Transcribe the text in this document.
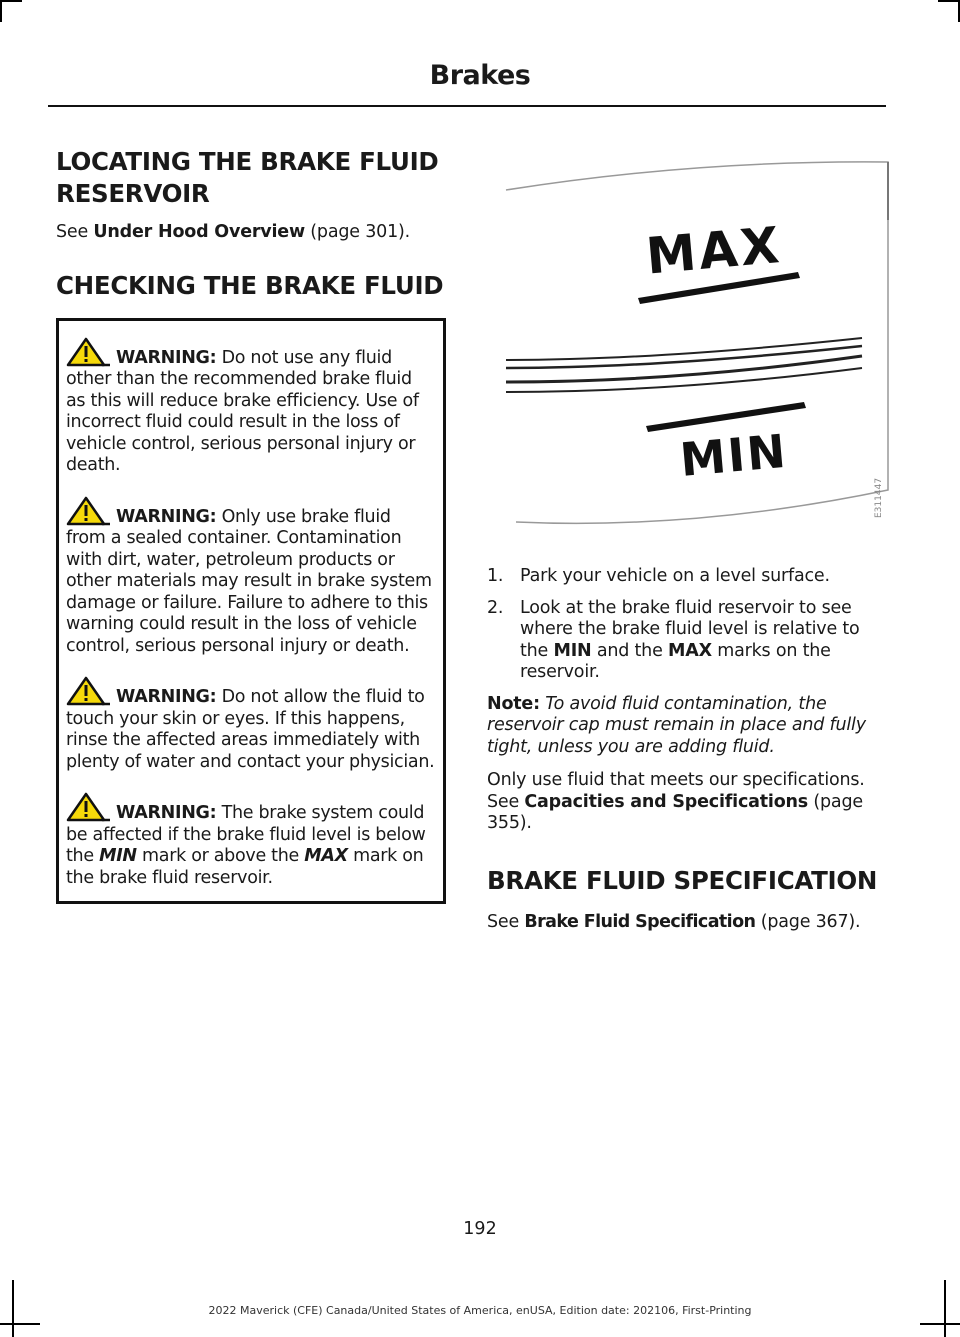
Brakes
LOCATING THE BRAKE FLUID RESERVOIR

See Under Hood Overview (page 301).

CHECKING THE BRAKE FLUID
WARNING: Do not use any fluid other than the recommended brake fluid as this will reduce brake efficiency. Use of incorrect fluid could result in the loss of vehicle control, serious personal injury or death.
WARNING: Only use brake fluid from a sealed container. Contamination with dirt, water, petroleum products or other materials may result in brake system damage or failure. Failure to adhere to this warning could result in the loss of vehicle control, serious personal injury or death.
WARNING: Do not allow the fluid to touch your skin or eyes. If this happens, rinse the affected areas immediately with plenty of water and contact your physician.
WARNING: The brake system could be affected if the brake fluid level is below the MIN mark or above the MAX mark on the brake fluid reservoir.
MAX
MIN
E311447
1. Park your vehicle on a level surface.
2. Look at the brake fluid reservoir to see where the brake fluid level is relative to the MIN and the MAX marks on the reservoir.

Note: To avoid fluid contamination, the reservoir cap must remain in place and fully tight, unless you are adding fluid.

Only use fluid that meets our specifications. See Capacities and Specifications (page 355).

BRAKE FLUID SPECIFICATION

See Brake Fluid Specification (page 367).

192
2022 Maverick (CFE) Canada/United States of America, enUSA, Edition date: 202106, First-Printing
